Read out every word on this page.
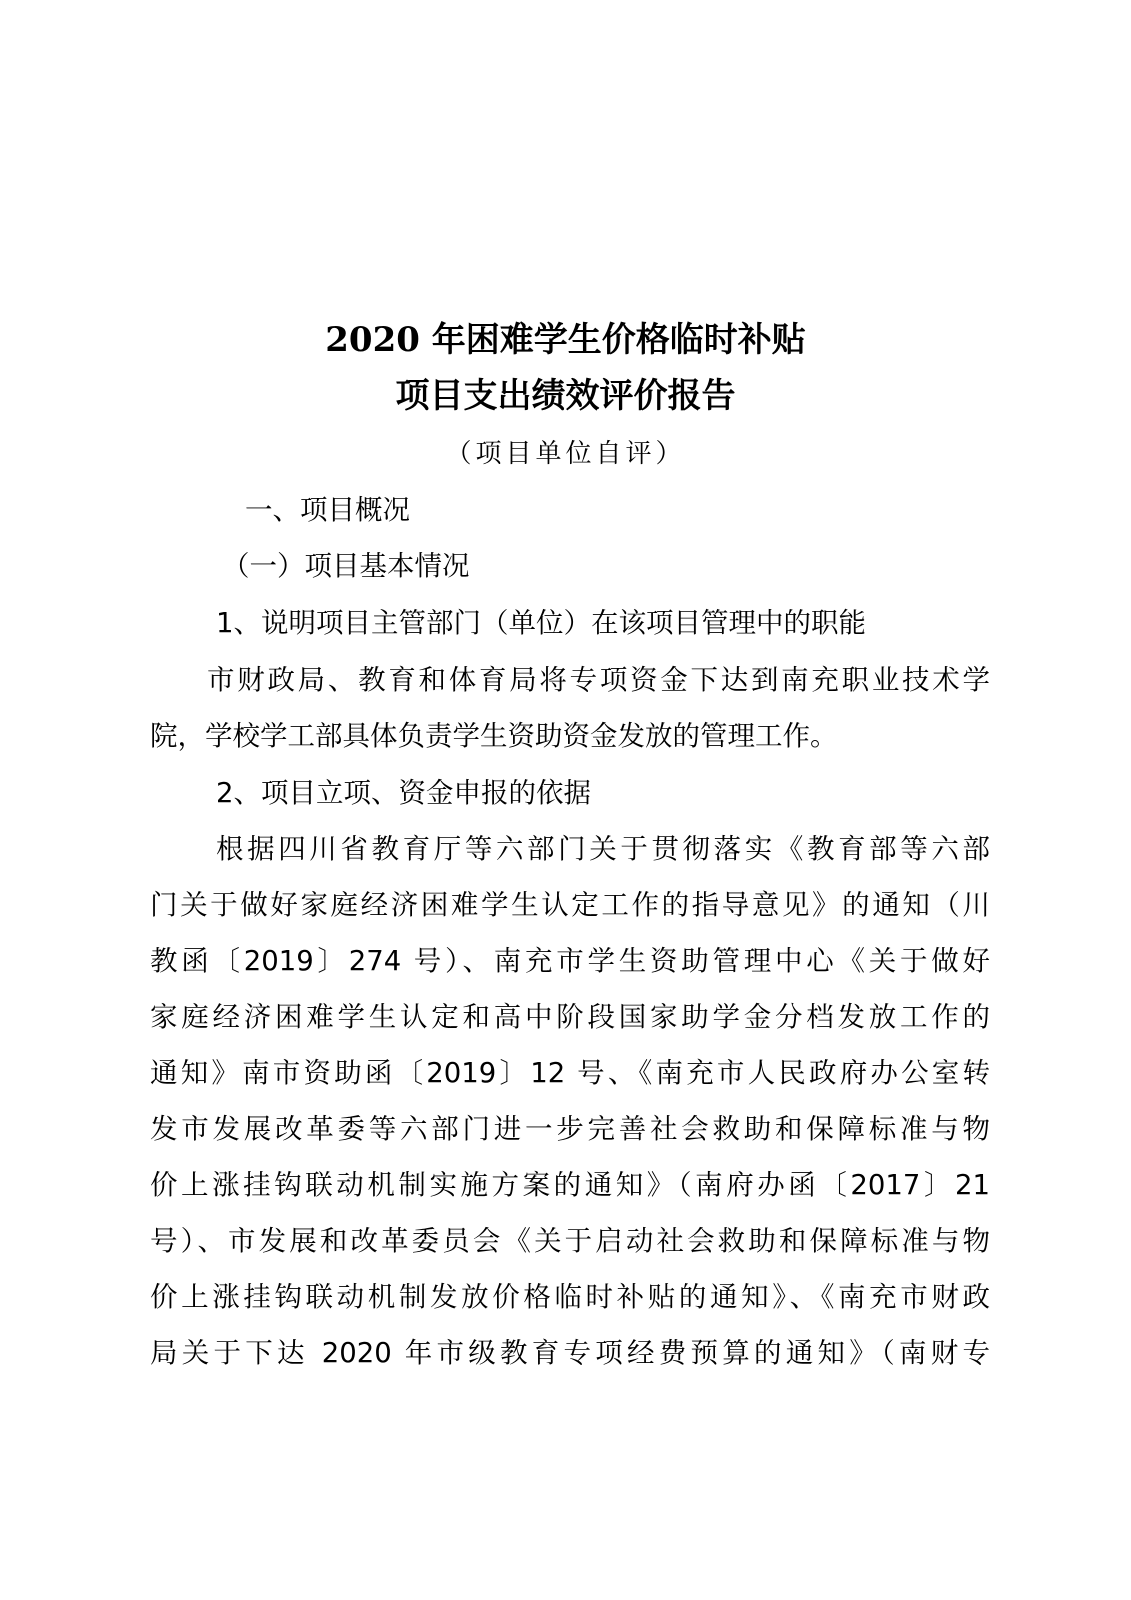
2020 年困难学生价格临时补贴
项目支出绩效评价报告
（项目单位自评）
一、项目概况
（一）项目基本情况
1、说明项目主管部门（单位）在该项目管理中的职能
市财政局、教育和体育局将专项资金下达到南充职业技术学
院，学校学工部具体负责学生资助资金发放的管理工作。
2、项目立项、资金申报的依据
根据四川省教育厅等六部门关于贯彻落实《教育部等六部
门关于做好家庭经济困难学生认定工作的指导意见》的通知（川
教函〔2019〕274 号）、南充市学生资助管理中心《关于做好
家庭经济困难学生认定和高中阶段国家助学金分档发放工作的
通知》南市资助函〔2019〕12 号、《南充市人民政府办公室转
发市发展改革委等六部门进一步完善社会救助和保障标准与物
价上涨挂钩联动机制实施方案的通知》（南府办函〔2017〕21
号）、市发展和改革委员会《关于启动社会救助和保障标准与物
价上涨挂钩联动机制发放价格临时补贴的通知》、《南充市财政
局关于下达 2020 年市级教育专项经费预算的通知》（南财专
